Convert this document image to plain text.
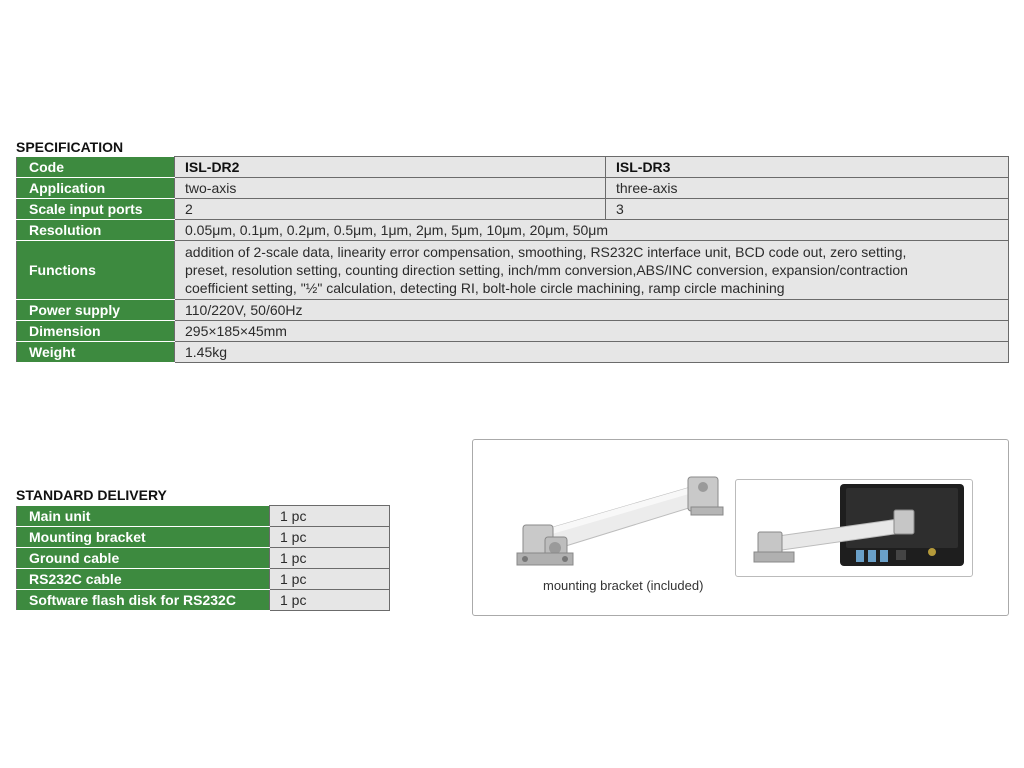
SPECIFICATION
Code	ISL-DR2	ISL-DR3
Application	two-axis	three-axis
Scale input ports	2	3
Resolution	0.05μm, 0.1μm, 0.2μm, 0.5μm, 1μm, 2μm, 5μm, 10μm, 20μm, 50μm	
Functions	addition of 2-scale data, linearity error compensation, smoothing, RS232C interface unit, BCD code out, zero setting,
preset, resolution setting, counting direction setting, inch/mm conversion,ABS/INC conversion, expansion/contraction
coefficient setting, "½" calculation, detecting RI, bolt-hole circle machining, ramp circle machining	

Power supply	110/220V, 50/60Hz	
Dimension	295×185×45mm	
Weight	1.45kg	
STANDARD DELIVERY
Main unit	1 pc
Mounting bracket	1 pc
Ground cable	1 pc
RS232C cable	1 pc
Software flash disk for RS232C	1 pc
mounting bracket (included)
